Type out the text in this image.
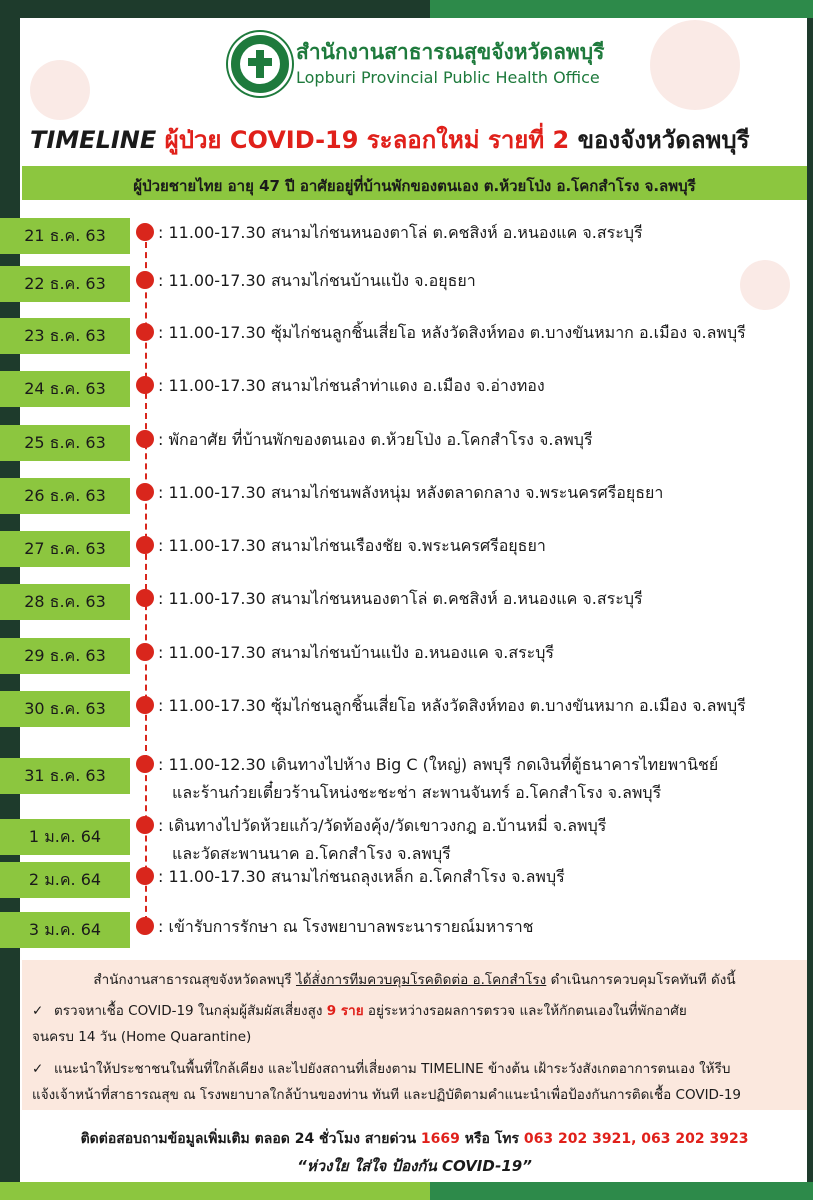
สำนักงานสาธารณสุขจังหวัดลพบุรี
Lopburi Provincial Public Health Office
TIMELINE ผู้ป่วย COVID-19 ระลอกใหม่ รายที่ 2 ของจังหวัดลพบุรี
ผู้ป่วยชายไทย อายุ 47 ปี อาศัยอยู่ที่บ้านพักของตนเอง ต.ห้วยโป่ง อ.โคกสำโรง จ.ลพบุรี
21 ธ.ค. 63	: 11.00-17.30 สนามไก่ชนหนองตาโล่ ต.คชสิงห์ อ.หนองแค จ.สระบุรี
22 ธ.ค. 63	: 11.00-17.30 สนามไก่ชนบ้านแป้ง จ.อยุธยา
23 ธ.ค. 63	: 11.00-17.30 ซุ้มไก่ชนลูกชิ้นเสี่ยโอ หลังวัดสิงห์ทอง ต.บางขันหมาก อ.เมือง จ.ลพบุรี
24 ธ.ค. 63	: 11.00-17.30 สนามไก่ชนลำท่าแดง อ.เมือง จ.อ่างทอง
25 ธ.ค. 63	: พักอาศัย ที่บ้านพักของตนเอง ต.ห้วยโป่ง อ.โคกสำโรง จ.ลพบุรี
26 ธ.ค. 63	: 11.00-17.30 สนามไก่ชนพลังหนุ่ม หลังตลาดกลาง จ.พระนครศรีอยุธยา
27 ธ.ค. 63	: 11.00-17.30 สนามไก่ชนเรืองชัย จ.พระนครศรีอยุธยา
28 ธ.ค. 63	: 11.00-17.30 สนามไก่ชนหนองตาโล่ ต.คชสิงห์ อ.หนองแค จ.สระบุรี
29 ธ.ค. 63	: 11.00-17.30 สนามไก่ชนบ้านแป้ง อ.หนองแค จ.สระบุรี
30 ธ.ค. 63	: 11.00-17.30 ซุ้มไก่ชนลูกชิ้นเสี่ยโอ หลังวัดสิงห์ทอง ต.บางขันหมาก อ.เมือง จ.ลพบุรี
31 ธ.ค. 63
: 11.00-12.30 เดินทางไปห้าง Big C (ใหญ่) ลพบุรี กดเงินที่ตู้ธนาคารไทยพานิชย์
และร้านก๋วยเตี๋ยวร้านโหน่งชะชะช่า สะพานจันทร์ อ.โคกสำโรง จ.ลพบุรี
1 ม.ค. 64
: เดินทางไปวัดห้วยแก้ว/วัดท้องคุ้ง/วัดเขาวงกฎ อ.บ้านหมี่ จ.ลพบุรี
และวัดสะพานนาค อ.โคกสำโรง จ.ลพบุรี
2 ม.ค. 64	: 11.00-17.30 สนามไก่ชนถลุงเหล็ก อ.โคกสำโรง จ.ลพบุรี
3 ม.ค. 64	: เข้ารับการรักษา ณ โรงพยาบาลพระนารายณ์มหาราช
สำนักงานสาธารณสุขจังหวัดลพบุรี ได้สั่งการทีมควบคุมโรคติดต่อ อ.โคกสำโรง ดำเนินการควบคุมโรคทันที ดังนี้
✓ ตรวจหาเชื้อ COVID-19 ในกลุ่มผู้สัมผัสเสี่ยงสูง 9 ราย อยู่ระหว่างรอผลการตรวจ และให้กักตนเองในที่พักอาศัย
จนครบ 14 วัน (Home Quarantine)
✓ แนะนำให้ประชาชนในพื้นที่ใกล้เคียง และไปยังสถานที่เสี่ยงตาม TIMELINE ข้างต้น เฝ้าระวังสังเกตอาการตนเอง ให้รีบ
แจ้งเจ้าหน้าที่สาธารณสุข ณ โรงพยาบาลใกล้บ้านของท่าน ทันที และปฏิบัติตามคำแนะนำเพื่อป้องกันการติดเชื้อ COVID-19
ติดต่อสอบถามข้อมูลเพิ่มเติม ตลอด 24 ชั่วโมง สายด่วน 1669 หรือ โทร 063 202 3921, 063 202 3923
“ห่วงใย ใส่ใจ ป้องกัน COVID-19”
